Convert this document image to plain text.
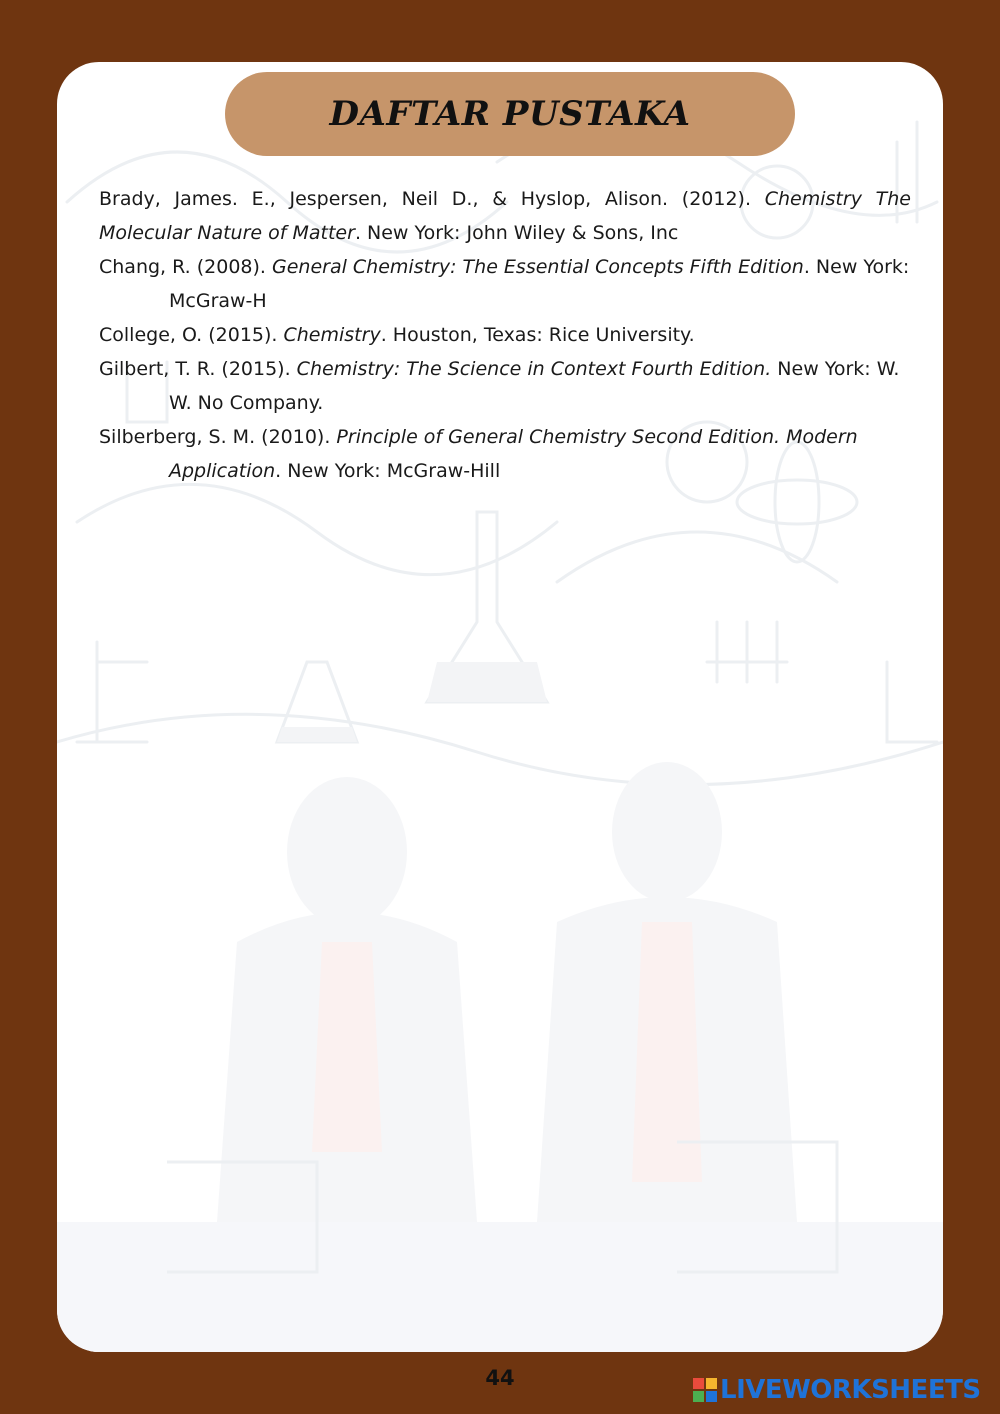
DAFTAR PUSTAKA

Brady, James. E., Jespersen, Neil D., & Hyslop, Alison. (2012). Chemistry The Molecular Nature of Matter. New York: John Wiley & Sons, Inc

Chang, R. (2008). General Chemistry: The Essential Concepts Fifth Edition. New York: McGraw-H

College, O. (2015). Chemistry. Houston, Texas: Rice University.

Gilbert, T. R. (2015). Chemistry: The Science in Context Fourth Edition. New York: W. W. No Company.

Silberberg, S. M. (2010). Principle of General Chemistry Second Edition. Modern Application. New York: McGraw-Hill

44	LIVEWORKSHEETS
